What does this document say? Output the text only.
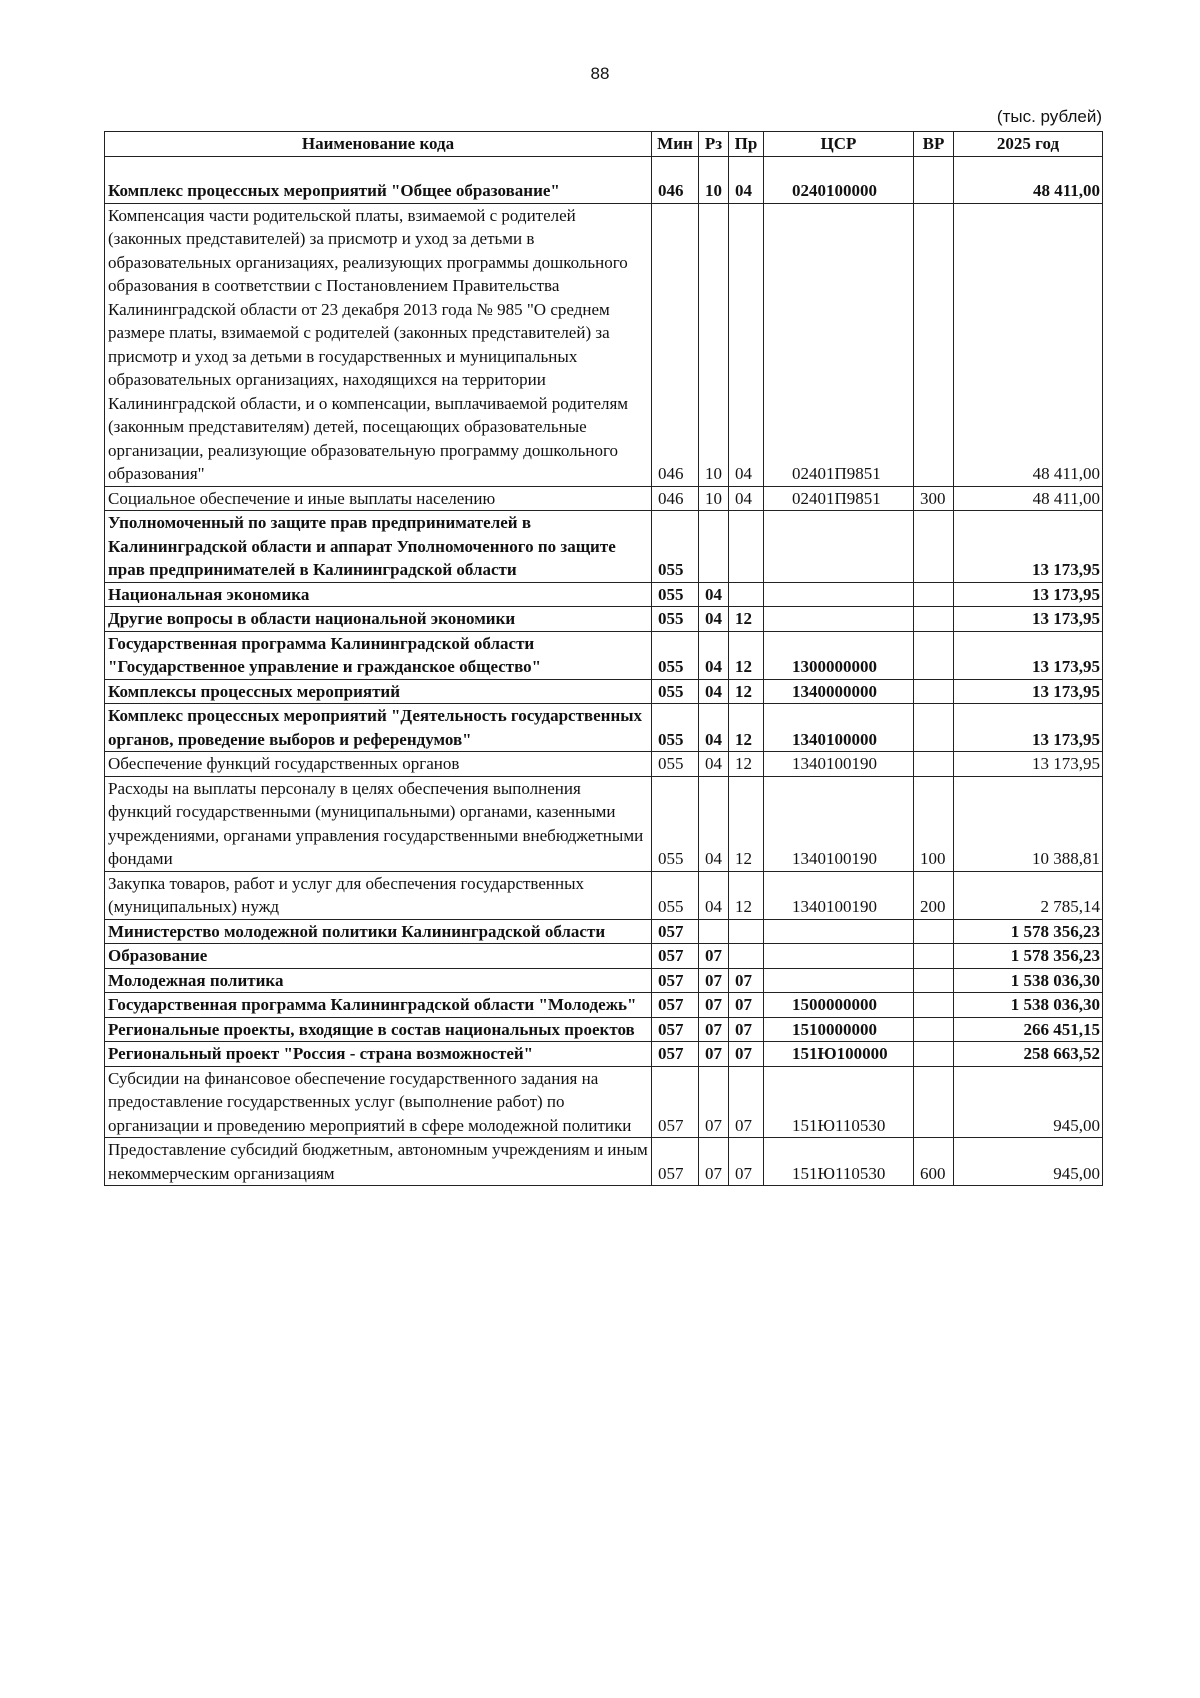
88
(тыс. рублей)
Наименование кода	Мин	Рз	Пр	ЦСР	ВР	2025 год

Комплекс процессных мероприятий "Общее образование"	046	10	04	0240100000		48 411,00
Компенсация части родительской платы, взимаемой с родителей (законных представителей) за присмотр и уход за детьми в образовательных организациях, реализующих программы дошкольного образования в соответствии с Постановлением Правительства Калининградской области от 23 декабря 2013 года № 985 "О среднем размере платы, взимаемой с родителей (законных представителей) за присмотр и уход за детьми в государственных и муниципальных образовательных организациях, находящихся на территории Калининградской области, и о компенсации, выплачиваемой родителям (законным представителям) детей, посещающих образовательные организации, реализующие образовательную программу дошкольного образования"	046	10	04	02401П9851		48 411,00
Социальное обеспечение и иные выплаты населению	046	10	04	02401П9851	300	48 411,00
Уполномоченный по защите прав предпринимателей в Калининградской области и аппарат Уполномоченного по защите прав предпринимателей в Калининградской области	055					13 173,95
Национальная экономика	055	04				13 173,95
Другие вопросы в области национальной экономики	055	04	12			13 173,95
Государственная программа Калининградской области "Государственное управление и гражданское общество"	055	04	12	1300000000		13 173,95
Комплексы процессных мероприятий	055	04	12	1340000000		13 173,95
Комплекс процессных мероприятий "Деятельность государственных органов, проведение выборов и референдумов"	055	04	12	1340100000		13 173,95
Обеспечение функций государственных органов	055	04	12	1340100190		13 173,95
Расходы на выплаты персоналу в целях обеспечения выполнения функций государственными (муниципальными) органами, казенными учреждениями, органами управления государственными внебюджетными фондами	055	04	12	1340100190	100	10 388,81
Закупка товаров, работ и услуг для обеспечения государственных (муниципальных) нужд	055	04	12	1340100190	200	2 785,14
Министерство молодежной политики Калининградской области	057					1 578 356,23
Образование	057	07				1 578 356,23
Молодежная политика	057	07	07			1 538 036,30
Государственная программа Калининградской области "Молодежь"	057	07	07	1500000000		1 538 036,30
Региональные проекты, входящие в состав национальных проектов	057	07	07	1510000000		266 451,15
Региональный проект "Россия - страна возможностей"	057	07	07	151Ю100000		258 663,52
Субсидии на финансовое обеспечение государственного задания на предоставление государственных услуг (выполнение работ) по организации и проведению мероприятий в сфере молодежной политики	057	07	07	151Ю110530		945,00
Предоставление субсидий бюджетным, автономным учреждениям и иным некоммерческим организациям	057	07	07	151Ю110530	600	945,00
